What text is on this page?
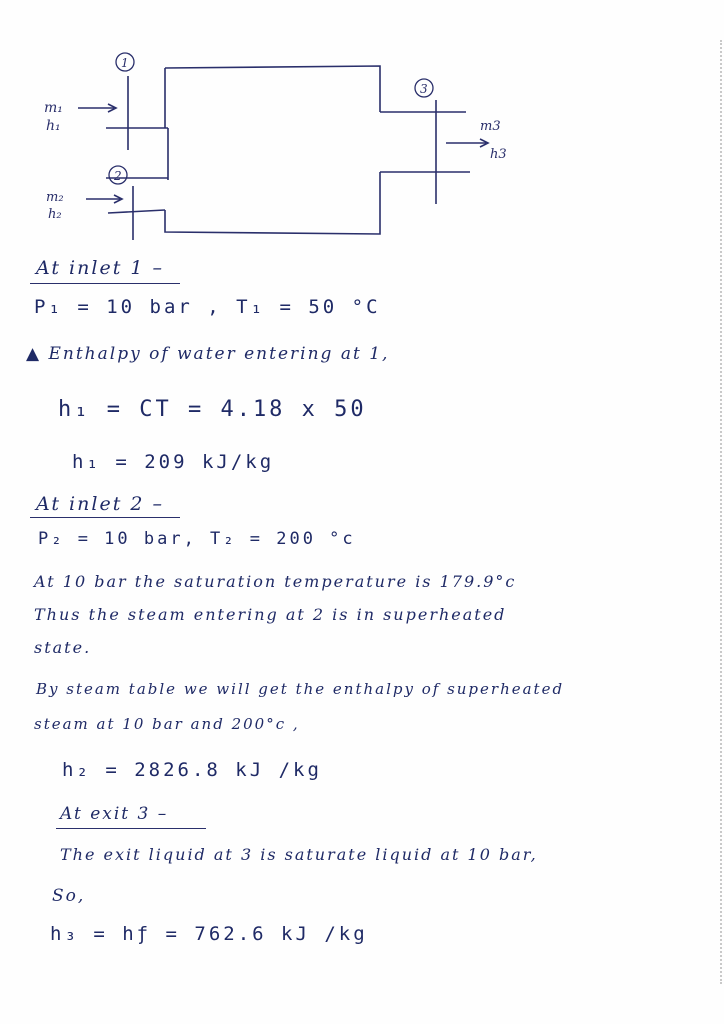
1
2
3
m₁
h₁
m₂
h₂
m3
h3
At inlet 1 –
P₁ = 10 bar , T₁ = 50 °C
▲ Enthalpy of water entering at 1,
h₁ = CT = 4.18 x 50
h₁ = 209 kJ/kg
At inlet 2 –
P₂ = 10 bar, T₂ = 200 °c
At 10 bar the saturation temperature is 179.9°c
Thus the steam entering at 2 is in superheated
state.
By steam table we will get the enthalpy of superheated
steam at 10 bar and 200°c ,
h₂ = 2826.8 kJ /kg
At exit 3 –
The exit liquid at 3 is saturate liquid at 10 bar,
So,
h₃ = hƒ = 762.6 kJ /kg
